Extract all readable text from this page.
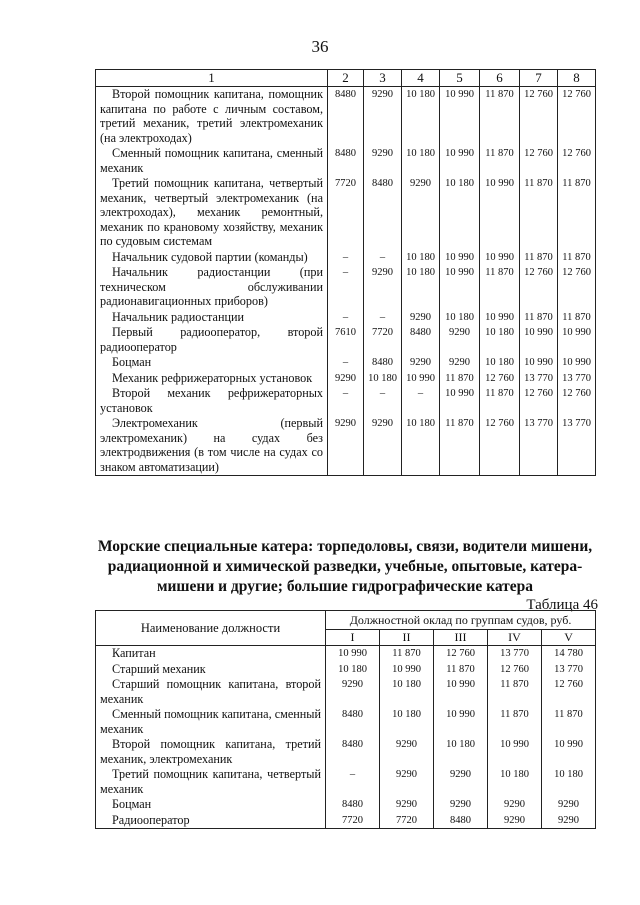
36
1	2	3	4	5	6	7	8
Второй помощник капитана, помощник капитана по работе с личным составом, третий механик, третий электромеханик (на электроходах)	8480	9290	10 180	10 990	11 870	12 760	12 760
Сменный помощник капитана, сменный механик	8480	9290	10 180	10 990	11 870	12 760	12 760
Третий помощник капитана, четвертый механик, четвертый электромеханик (на электроходах), механик ремонтный, механик по крановому хозяйству, механик по судовым системам	7720	8480	9290	10 180	10 990	11 870	11 870
Начальник судовой партии (команды)	–	–	10 180	10 990	10 990	11 870	11 870
Начальник радиостанции (при техническом обслуживании радионавигационных приборов)	–	9290	10 180	10 990	11 870	12 760	12 760
Начальник радиостанции	–	–	9290	10 180	10 990	11 870	11 870
Первый радиооператор, второй радиооператор	7610	7720	8480	9290	10 180	10 990	10 990
Боцман	–	8480	9290	9290	10 180	10 990	10 990
Механик рефрижераторных установок	9290	10 180	10 990	11 870	12 760	13 770	13 770
Второй механик рефрижераторных установок	–	–	–	10 990	11 870	12 760	12 760
Электромеханик (первый электромеханик) на судах без электродвижения (в том числе на судах со знаком автоматизации)	9290	9290	10 180	11 870	12 760	13 770	13 770
Морские специальные катера: торпедоловы, связи, водители мишени, радиационной и химической разведки, учебные, опытовые, катера-мишени и другие; большие гидрографические катера
Таблица 46
Наименование должности	Должностной оклад по группам судов, руб.				
	I	II	III	IV	V
Капитан	10 990	11 870	12 760	13 770	14 780
Старший механик	10 180	10 990	11 870	12 760	13 770
Старший помощник капитана, второй механик	9290	10 180	10 990	11 870	12 760
Сменный помощник капитана, сменный механик	8480	10 180	10 990	11 870	11 870
Второй помощник капитана, третий механик, электромеханик	8480	9290	10 180	10 990	10 990
Третий помощник капитана, четвертый механик	–	9290	9290	10 180	10 180
Боцман	8480	9290	9290	9290	9290
Радиооператор	7720	7720	8480	9290	9290
